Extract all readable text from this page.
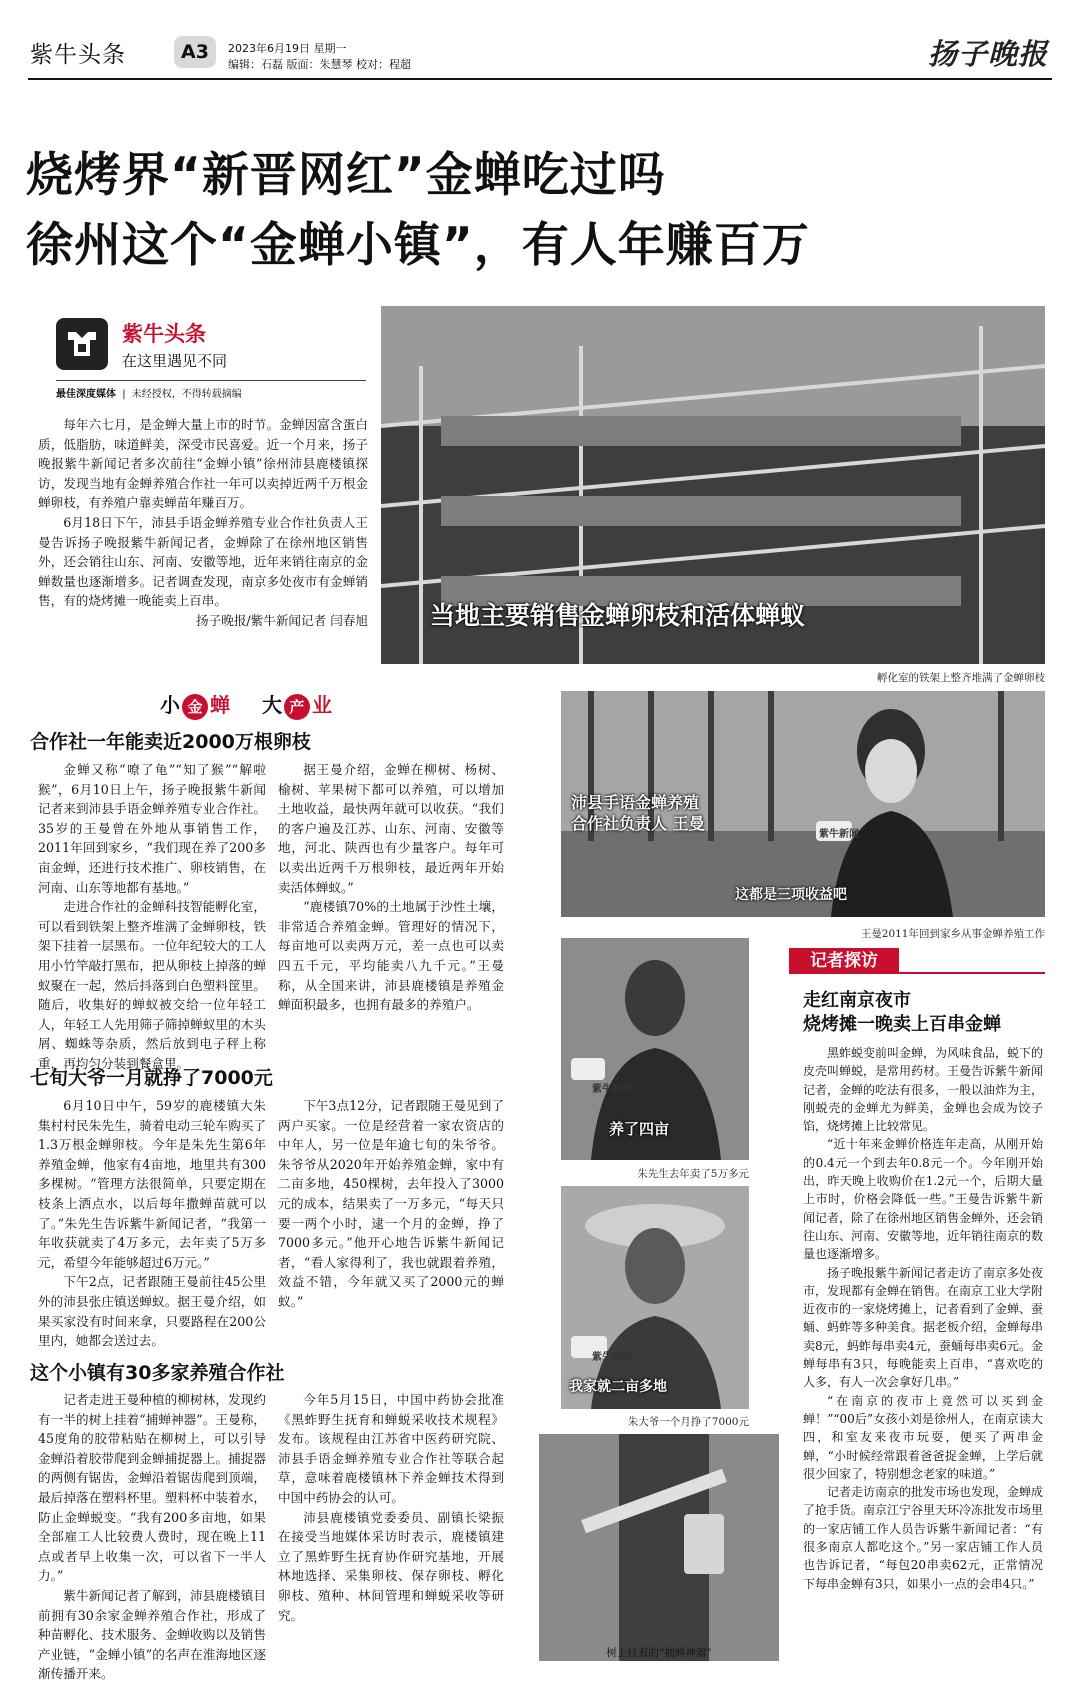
紫牛头条	A3	2023年6月19日 星期一
编辑：石磊 版面：朱慧琴 校对：程超	扬子晚报
烧烤界“新晋网红”金蝉吃过吗
徐州这个“金蝉小镇”，有人年赚百万
紫牛头条
在这里遇见不同
最佳深度媒体 | 未经授权，不得转载摘编

每年六七月，是金蝉大量上市的时节。金蝉因富含蛋白质，低脂肪，味道鲜美，深受市民喜爱。近一个月来，扬子晚报紫牛新闻记者多次前往“金蝉小镇”徐州沛县鹿楼镇探访，发现当地有金蝉养殖合作社一年可以卖掉近两千万根金蝉卵枝，有养殖户靠卖蝉苗年赚百万。

6月18日下午，沛县手语金蝉养殖专业合作社负责人王曼告诉扬子晚报紫牛新闻记者，金蝉除了在徐州地区销售外，还会销往山东、河南、安徽等地，近年来销往南京的金蝉数量也逐渐增多。记者调查发现，南京多处夜市有金蝉销售，有的烧烤摊一晚能卖上百串。

扬子晚报/紫牛新闻记者 闫春旭 当地主要销售金蝉卵枝和活体蝉蚁
孵化室的铁架上整齐堆满了金蝉卵枝
小 金 蝉 大 产 业
合作社一年能卖近2000万根卵枝

金蝉又称“嘹了龟”“知了猴”“解啦猴”，6月10日上午，扬子晚报紫牛新闻记者来到沛县手语金蝉养殖专业合作社。35岁的王曼曾在外地从事销售工作，2011年回到家乡，“我们现在养了200多亩金蝉，还进行技术推广、卵枝销售，在河南、山东等地都有基地。”

走进合作社的金蝉科技智能孵化室，可以看到铁架上整齐堆满了金蝉卵枝，铁架下挂着一层黑布。一位年纪较大的工人用小竹竿敲打黑布，把从卵枝上掉落的蝉蚁聚在一起，然后抖落到白色塑料筐里。随后，收集好的蝉蚁被交给一位年轻工人，年轻工人先用筛子筛掉蝉蚁里的木头屑、蜘蛛等杂质，然后放到电子秤上称重，再均匀分装到餐盒里。

据王曼介绍，金蝉在柳树、杨树、榆树、苹果树下都可以养殖，可以增加土地收益，最快两年就可以收获。“我们的客户遍及江苏、山东、河南、安徽等地，河北、陕西也有少量客户。每年可以卖出近两千万根卵枝，最近两年开始卖活体蝉蚁。”

“鹿楼镇70%的土地属于沙性土壤，非常适合养殖金蝉。管理好的情况下，每亩地可以卖两万元，差一点也可以卖四五千元，平均能卖八九千元。”王曼称，从全国来讲，沛县鹿楼镇是养殖金蝉面积最多，也拥有最多的养殖户。

沛县手语金蝉养殖
合作社负责人 王曼
这都是三项收益吧
紫牛新闻
王曼2011年回到家乡从事金蝉养殖工作
七旬大爷一月就挣了7000元

6月10日中午，59岁的鹿楼镇大朱集村村民朱先生，骑着电动三轮车购买了1.3万根金蝉卵枝。今年是朱先生第6年养殖金蝉，他家有4亩地，地里共有300多棵树。“管理方法很简单，只要定期在枝条上洒点水，以后每年撒蝉苗就可以了。”朱先生告诉紫牛新闻记者，“我第一年收获就卖了4万多元，去年卖了5万多元，希望今年能够超过6万元。”

下午2点，记者跟随王曼前往45公里外的沛县张庄镇送蝉蚁。据王曼介绍，如果买家没有时间来拿，只要路程在200公里内，她都会送过去。

下午3点12分，记者跟随王曼见到了两户买家。一位是经营着一家农资店的中年人，另一位是年逾七旬的朱爷爷。朱爷爷从2020年开始养殖金蝉，家中有二亩多地，450棵树，去年投入了3000元的成本，结果卖了一万多元，“每天只要一两个小时，逮一个月的金蝉，挣了7000多元。”他开心地告诉紫牛新闻记者，“看人家得利了，我也就跟着养殖，效益不错，今年就又买了2000元的蝉蚁。”

这个小镇有30多家养殖合作社

记者走进王曼种植的柳树林，发现约有一半的树上挂着“捕蝉神器”。王曼称，45度角的胶带粘贴在柳树上，可以引导金蝉沿着胶带爬到金蝉捕捉器上。捕捉器的两侧有锯齿，金蝉沿着锯齿爬到顶端，最后掉落在塑料杯里。塑料杯中装着水，防止金蝉蜕变。“我有200多亩地，如果全部雇工人比较费人费时，现在晚上11点或者早上收集一次，可以省下一半人力。”

紫牛新闻记者了解到，沛县鹿楼镇目前拥有30余家金蝉养殖合作社，形成了种苗孵化、技术服务、金蝉收购以及销售产业链，“金蝉小镇”的名声在淮海地区逐渐传播开来。

今年5月15日，中国中药协会批准《黑蚱野生抚育和蝉蜕采收技术规程》发布。该规程由江苏省中医药研究院、沛县手语金蝉养殖专业合作社等联合起草，意味着鹿楼镇林下养金蝉技术得到中国中药协会的认可。

沛县鹿楼镇党委委员、副镇长梁振在接受当地媒体采访时表示，鹿楼镇建立了黑蚱野生抚育协作研究基地，开展林地选择、采集卵枝、保存卵枝、孵化卵枝、殖种、林间管理和蝉蜕采收等研究。

紫牛新闻
养了四亩
朱先生去年卖了5万多元
紫牛新闻
我家就二亩多地
朱大爷一个月挣了7000元
树上挂着的“捕蝉神器”
记者探访
走红南京夜市
烧烤摊一晚卖上百串金蝉

黑蚱蜕变前叫金蝉，为风味食品，蜕下的皮壳叫蝉蜕，是常用药材。王曼告诉紫牛新闻记者，金蝉的吃法有很多，一般以油炸为主，刚蜕壳的金蝉尤为鲜美，金蝉也会成为饺子馅，烧烤摊上比较常见。

“近十年来金蝉价格连年走高，从刚开始的0.4元一个到去年0.8元一个。今年刚开始出，昨天晚上收购价在1.2元一个，后期大量上市时，价格会降低一些。”王曼告诉紫牛新闻记者，除了在徐州地区销售金蝉外，还会销往山东、河南、安徽等地，近年销往南京的数量也逐渐增多。

扬子晚报紫牛新闻记者走访了南京多处夜市，发现都有金蝉在销售。在南京工业大学附近夜市的一家烧烤摊上，记者看到了金蝉、蚕蛹、蚂蚱等多种美食。据老板介绍，金蝉每串卖8元，蚂蚱每串卖4元，蚕蛹每串卖6元。金蝉每串有3只，每晚能卖上百串，“喜欢吃的人多，有人一次会拿好几串。”

“在南京的夜市上竟然可以买到金蝉！”“00后”女孩小刘是徐州人，在南京读大四，和室友来夜市玩耍，便买了两串金蝉，“小时候经常跟着爸爸捉金蝉，上学后就很少回家了，特别想念老家的味道。”

记者走访南京的批发市场也发现，金蝉成了抢手货。南京江宁谷里天环冷冻批发市场里的一家店铺工作人员告诉紫牛新闻记者：“有很多南京人都吃这个。”另一家店铺工作人员也告诉记者，“每包20串卖62元，正常情况下每串金蝉有3只，如果小一点的会串4只。”
